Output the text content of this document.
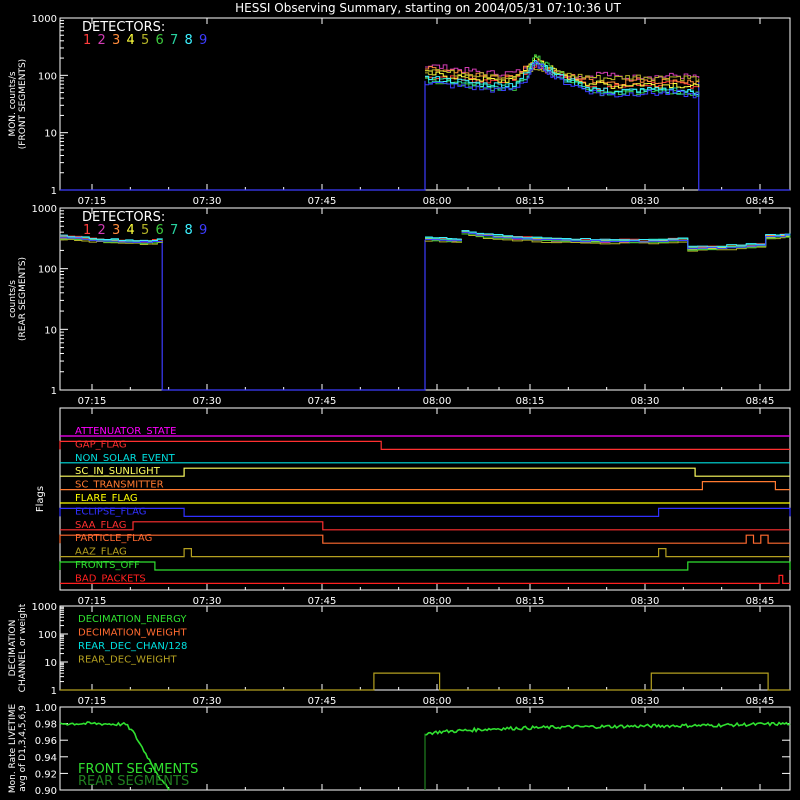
HESSI Observing Summary, starting on 2004/05/31 07:10:36 UT
1
10
100
1000
07:15	07:30	07:45	08:00	08:15	08:30	08:45
MON. counts/s (FRONT SEGMENTS)
DETECTORS:
1 2 3 4 5 6 7 8 9
1
10
100
1000
07:15	07:30	07:45	08:00	08:15	08:30	08:45
counts/s (REAR SEGMENTS)
DETECTORS:
1 2 3 4 5 6 7 8 9
07:15	07:30	07:45	08:00	08:15	08:30	08:45
Flags
ATTENUATOR_STATE
GAP_FLAG
NON_SOLAR_EVENT
SC_IN_SUNLIGHT
SC_TRANSMITTER
FLARE_FLAG
ECLIPSE_FLAG
SAA_FLAG
PARTICLE_FLAG
AAZ_FLAG
FRONTS_OFF
BAD_PACKETS
1
10
100
1000
07:15	07:30	07:45	08:00	08:15	08:30	08:45
DECIMATION CHANNEL or weight	DECIMATION_ENERGY
DECIMATION_WEIGHT
REAR_DEC_CHAN/128
REAR_DEC_WEIGHT
0.90
0.92
0.94
0.96
0.98
1.00
Mon. Rate LIVETIME avg of D1,3,4,5,6,9	FRONT SEGMENTS
REAR SEGMENTS
